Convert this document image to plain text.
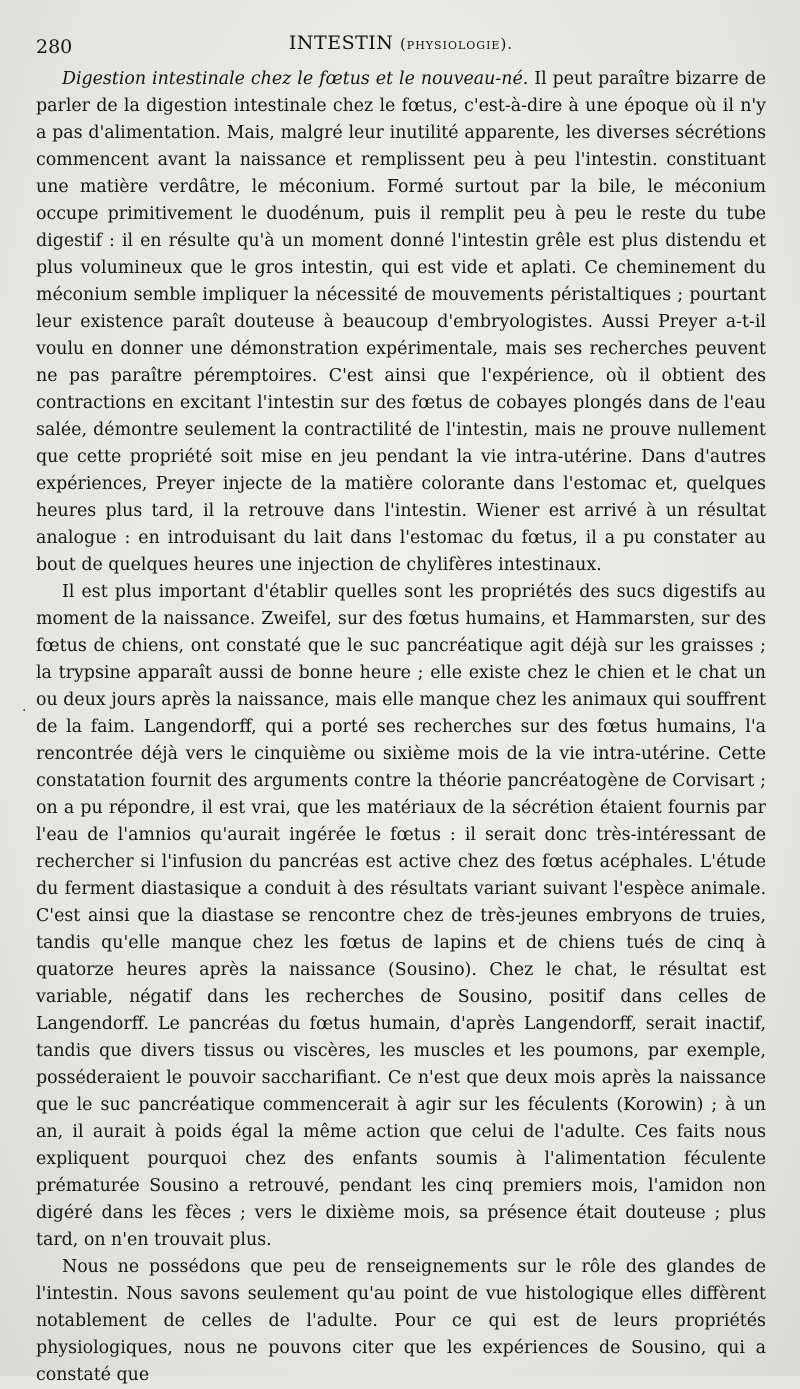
280	INTESTIN (physiologie).

Digestion intestinale chez le fœtus et le nouveau-né. Il peut paraître bizarre de parler de la digestion intestinale chez le fœtus, c'est-à-dire à une époque où il n'y a pas d'alimentation. Mais, malgré leur inutilité apparente, les diverses sécrétions commencent avant la naissance et remplissent peu à peu l'intestin. constituant une matière verdâtre, le méconium. Formé surtout par la bile, le méconium occupe primitivement le duodénum, puis il remplit peu à peu le reste du tube digestif : il en résulte qu'à un moment donné l'intestin grêle est plus distendu et plus volumineux que le gros intestin, qui est vide et aplati. Ce cheminement du méconium semble impliquer la nécessité de mouvements péristaltiques ; pourtant leur existence paraît douteuse à beaucoup d'embryologistes. Aussi Preyer a-t-il voulu en donner une démonstration expérimentale, mais ses recherches peuvent ne pas paraître péremptoires. C'est ainsi que l'expérience, où il obtient des contractions en excitant l'intestin sur des fœtus de cobayes plongés dans de l'eau salée, démontre seulement la contractilité de l'intestin, mais ne prouve nullement que cette propriété soit mise en jeu pendant la vie intra-utérine. Dans d'autres expériences, Preyer injecte de la matière colorante dans l'estomac et, quelques heures plus tard, il la retrouve dans l'intestin. Wiener est arrivé à un résultat analogue : en introduisant du lait dans l'estomac du fœtus, il a pu constater au bout de quelques heures une injection de chylifères intestinaux.

Il est plus important d'établir quelles sont les propriétés des sucs digestifs au moment de la naissance. Zweifel, sur des fœtus humains, et Hammarsten, sur des fœtus de chiens, ont constaté que le suc pancréatique agit déjà sur les graisses ; la trypsine apparaît aussi de bonne heure ; elle existe chez le chien et le chat un ou deux jours après la naissance, mais elle manque chez les animaux qui souffrent de la faim. Langendorff, qui a porté ses recherches sur des fœtus humains, l'a rencontrée déjà vers le cinquième ou sixième mois de la vie intra-utérine. Cette constatation fournit des arguments contre la théorie pancréatogène de Corvisart ; on a pu répondre, il est vrai, que les matériaux de la sécrétion étaient fournis par l'eau de l'amnios qu'aurait ingérée le fœtus : il serait donc très-intéressant de rechercher si l'infusion du pancréas est active chez des fœtus acéphales. L'étude du ferment diastasique a conduit à des résultats variant suivant l'espèce animale. C'est ainsi que la diastase se rencontre chez de très-jeunes embryons de truies, tandis qu'elle manque chez les fœtus de lapins et de chiens tués de cinq à quatorze heures après la naissance (Sousino). Chez le chat, le résultat est variable, négatif dans les recherches de Sousino, positif dans celles de Langendorff. Le pancréas du fœtus humain, d'après Langendorff, serait inactif, tandis que divers tissus ou viscères, les muscles et les poumons, par exemple, posséderaient le pouvoir saccharifiant. Ce n'est que deux mois après la naissance que le suc pancréatique commencerait à agir sur les féculents (Korowin) ; à un an, il aurait à poids égal la même action que celui de l'adulte. Ces faits nous expliquent pourquoi chez des enfants soumis à l'alimentation féculente prématurée Sousino a retrouvé, pendant les cinq premiers mois, l'amidon non digéré dans les fèces ; vers le dixième mois, sa présence était douteuse ; plus tard, on n'en trouvait plus.

Nous ne possédons que peu de renseignements sur le rôle des glandes de l'intestin. Nous savons seulement qu'au point de vue histologique elles diffèrent notablement de celles de l'adulte. Pour ce qui est de leurs propriétés physiologiques, nous ne pouvons citer que les expériences de Sousino, qui a constaté que

·
